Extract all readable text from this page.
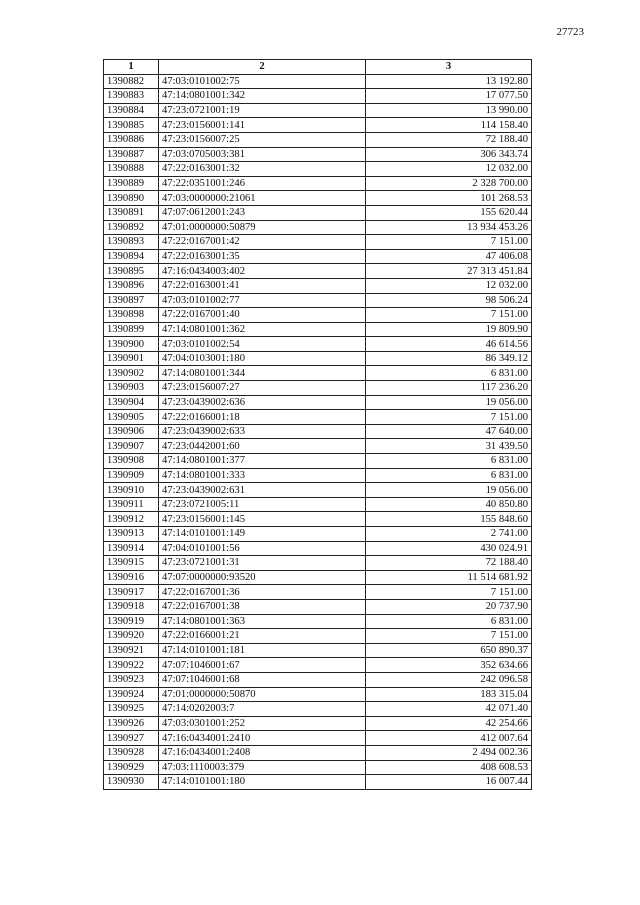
27723
1	2	3
1390882	47:03:0101002:75	13 192.80
1390883	47:14:0801001:342	17 077.50
1390884	47:23:0721001:19	13 990.00
1390885	47:23:0156001:141	114 158.40
1390886	47:23:0156007:25	72 188.40
1390887	47:03:0705003:381	306 343.74
1390888	47:22:0163001:32	12 032.00
1390889	47:22:0351001:246	2 328 700.00
1390890	47:03:0000000:21061	101 268.53
1390891	47:07:0612001:243	155 620.44
1390892	47:01:0000000:50879	13 934 453.26
1390893	47:22:0167001:42	7 151.00
1390894	47:22:0163001:35	47 406.08
1390895	47:16:0434003:402	27 313 451.84
1390896	47:22:0163001:41	12 032.00
1390897	47:03:0101002:77	98 506.24
1390898	47:22:0167001:40	7 151.00
1390899	47:14:0801001:362	19 809.90
1390900	47:03:0101002:54	46 614.56
1390901	47:04:0103001:180	86 349.12
1390902	47:14:0801001:344	6 831.00
1390903	47:23:0156007:27	117 236.20
1390904	47:23:0439002:636	19 056.00
1390905	47:22:0166001:18	7 151.00
1390906	47:23:0439002:633	47 640.00
1390907	47:23:0442001:60	31 439.50
1390908	47:14:0801001:377	6 831.00
1390909	47:14:0801001:333	6 831.00
1390910	47:23:0439002:631	19 056.00
1390911	47:23:0721005:11	40 850.80
1390912	47:23:0156001:145	155 848.60
1390913	47:14:0101001:149	2 741.00
1390914	47:04:0101001:56	430 024.91
1390915	47:23:0721001:31	72 188.40
1390916	47:07:0000000:93520	11 514 681.92
1390917	47:22:0167001:36	7 151.00
1390918	47:22:0167001:38	20 737.90
1390919	47:14:0801001:363	6 831.00
1390920	47:22:0166001:21	7 151.00
1390921	47:14:0101001:181	650 890.37
1390922	47:07:1046001:67	352 634.66
1390923	47:07:1046001:68	242 096.58
1390924	47:01:0000000:50870	183 315.04
1390925	47:14:0202003:7	42 071.40
1390926	47:03:0301001:252	42 254.66
1390927	47:16:0434001:2410	412 007.64
1390928	47:16:0434001:2408	2 494 002.36
1390929	47:03:1110003:379	408 608.53
1390930	47:14:0101001:180	16 007.44
